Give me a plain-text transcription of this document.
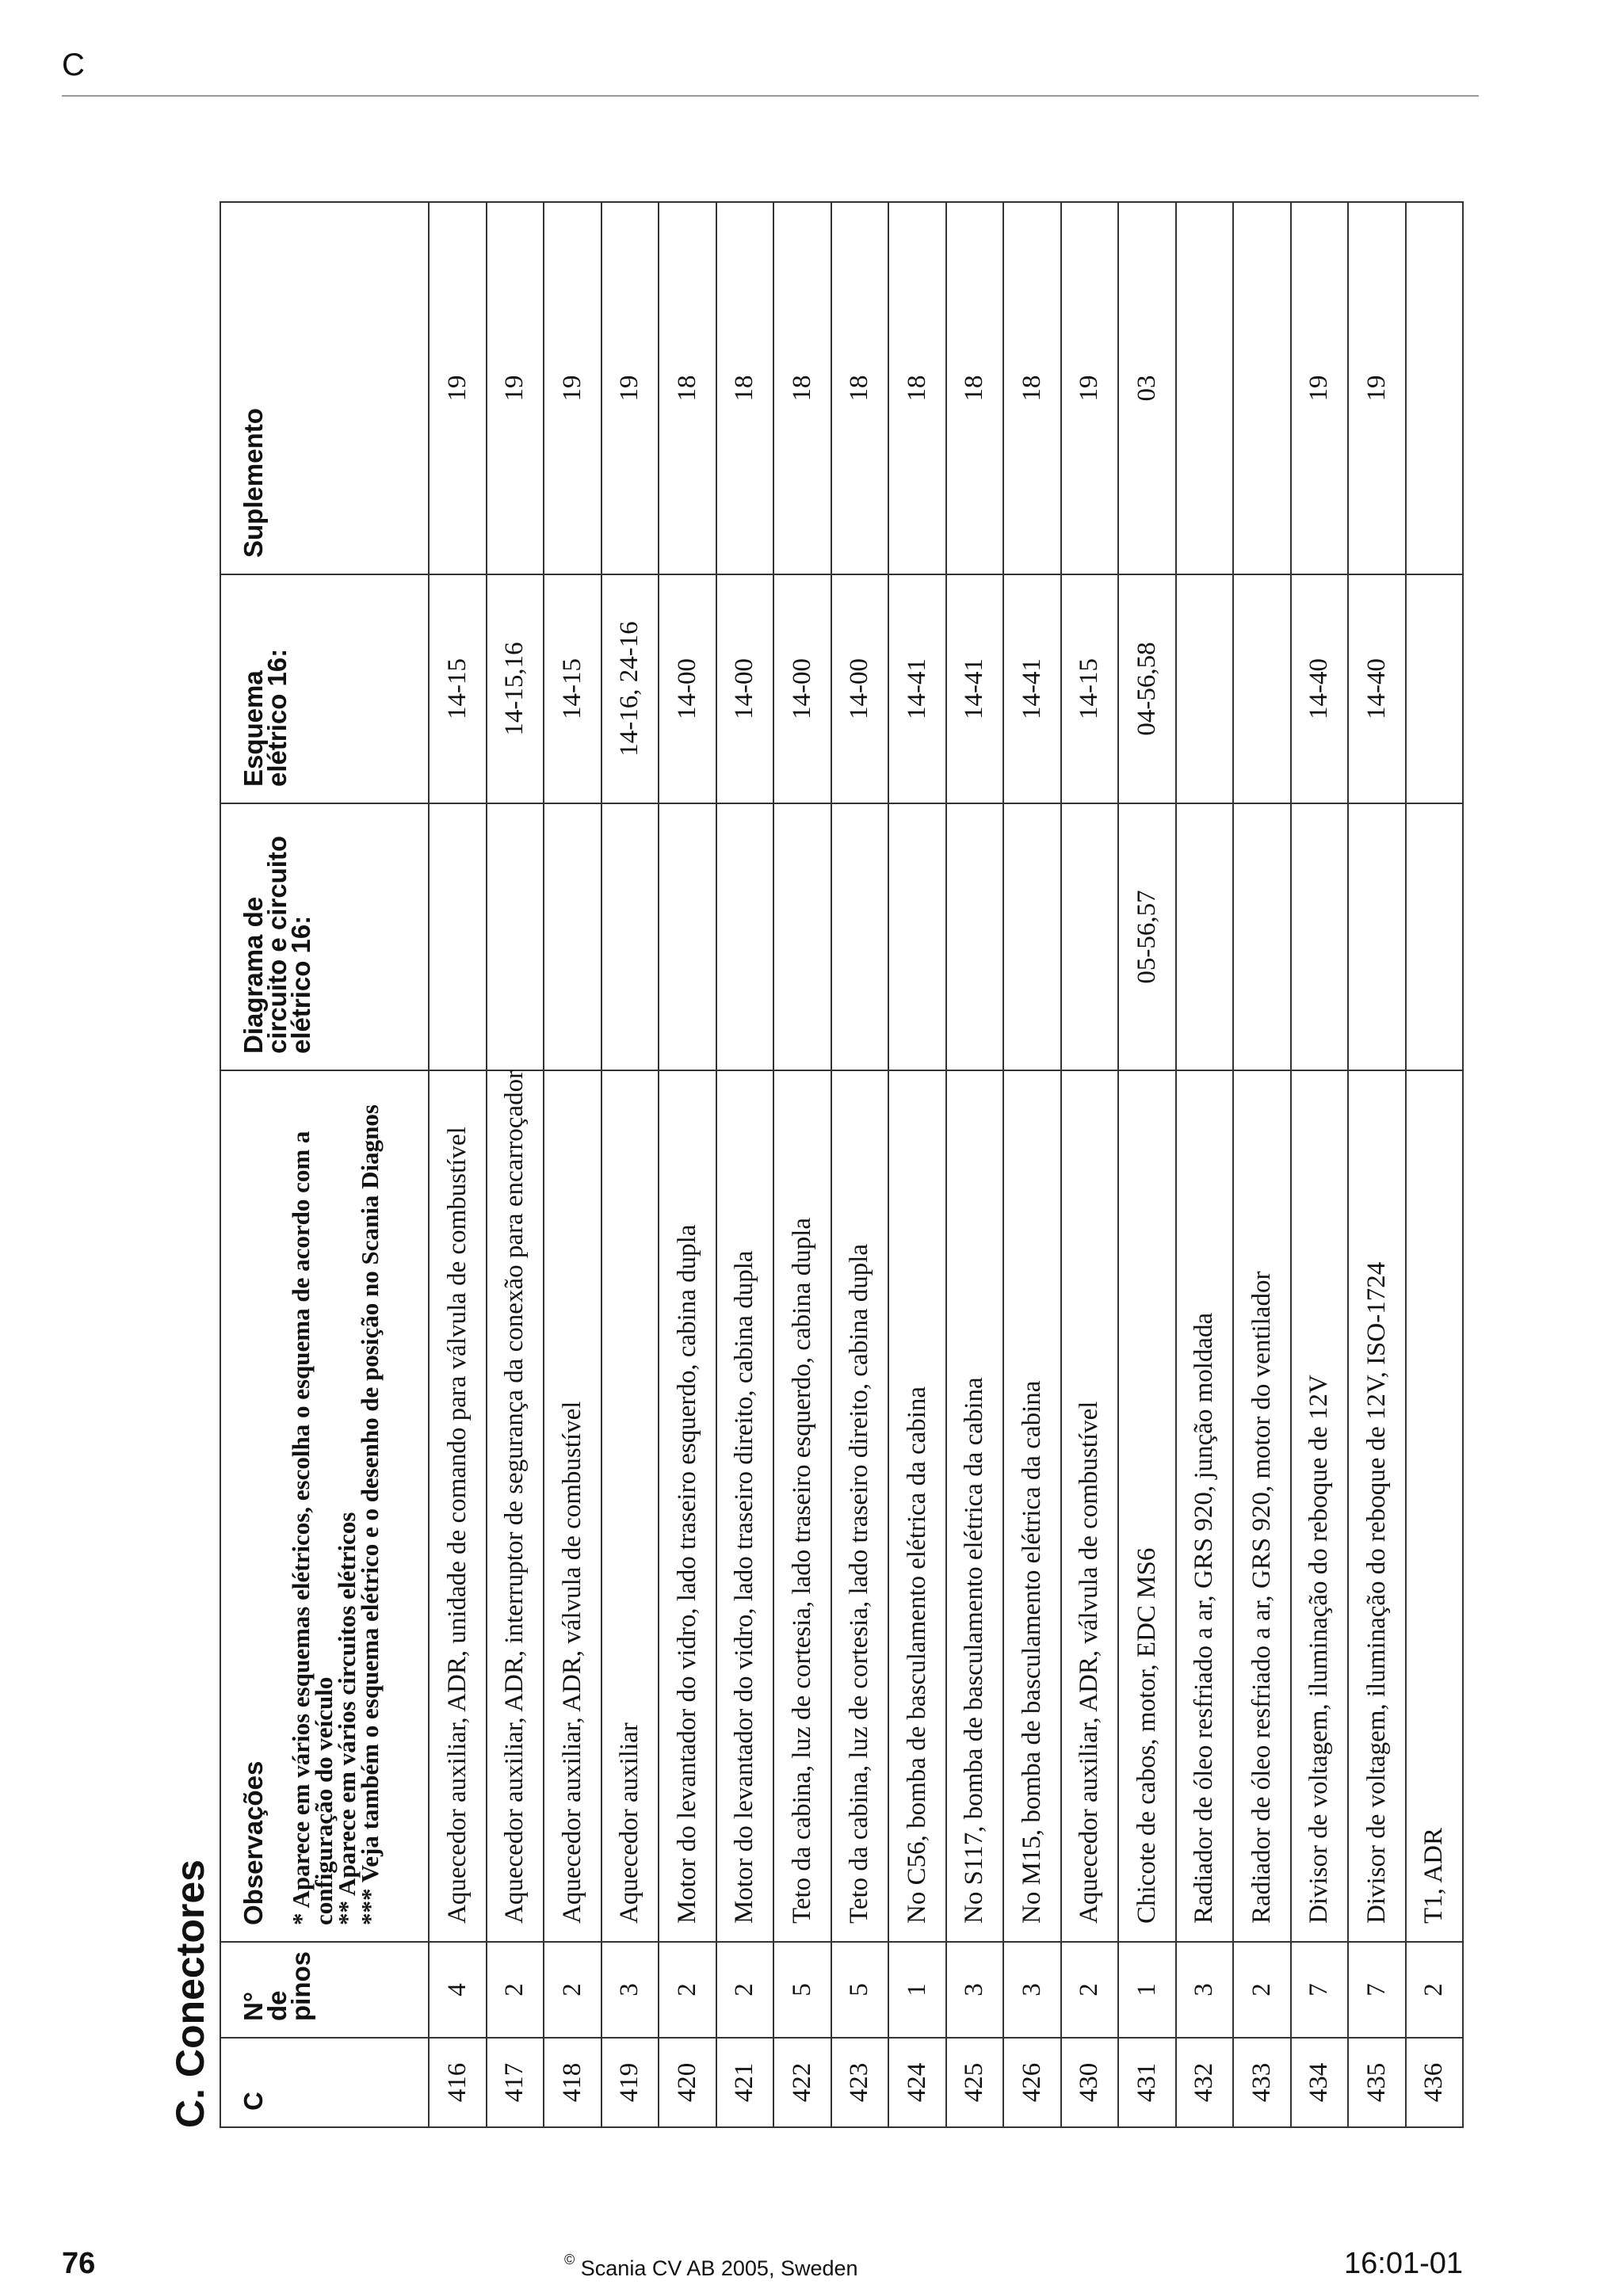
C
C. Conectores C	N° de pinos	Observações * Aparece em vários esquemas elétricos, escolha o esquema de acordo com a configuração do veículo
** Aparece em vários circuitos elétricos
*** Veja também o esquema elétrico e o desenho de posição no Scania Diagnos	Diagrama de circuito e circuito elétrico 16:	Esquema elétrico 16:	Suplemento
416	4	Aquecedor auxiliar, ADR, unidade de comando para válvula de combustível		14-15	19
417	2	Aquecedor auxiliar, ADR, interruptor de segurança da conexão para encarroçador		14-15,16	19
418	2	Aquecedor auxiliar, ADR, válvula de combustível		14-15	19
419	3	Aquecedor auxiliar		14-16, 24-16	19
420	2	Motor do levantador do vidro, lado traseiro esquerdo, cabina dupla		14-00	18
421	2	Motor do levantador do vidro, lado traseiro direito, cabina dupla		14-00	18
422	5	Teto da cabina, luz de cortesia, lado traseiro esquerdo, cabina dupla		14-00	18
423	5	Teto da cabina, luz de cortesia, lado traseiro direito, cabina dupla		14-00	18
424	1	No C56, bomba de basculamento elétrica da cabina		14-41	18
425	3	No S117, bomba de basculamento elétrica da cabina		14-41	18
426	3	No M15, bomba de basculamento elétrica da cabina		14-41	18
430	2	Aquecedor auxiliar, ADR, válvula de combustível		14-15	19
431	1	Chicote de cabos, motor, EDC MS6	05-56,57	04-56,58	03
432	3	Radiador de óleo resfriado a ar, GRS 920, junção moldada			
433	2	Radiador de óleo resfriado a ar, GRS 920, motor do ventilador			
434	7	Divisor de voltagem, iluminação do reboque de 12V		14-40	19
435	7	Divisor de voltagem, iluminação do reboque de 12V, ISO-1724		14-40	19
436	2	T1, ADR			
76	© Scania CV AB 2005, Sweden	16:01-01
